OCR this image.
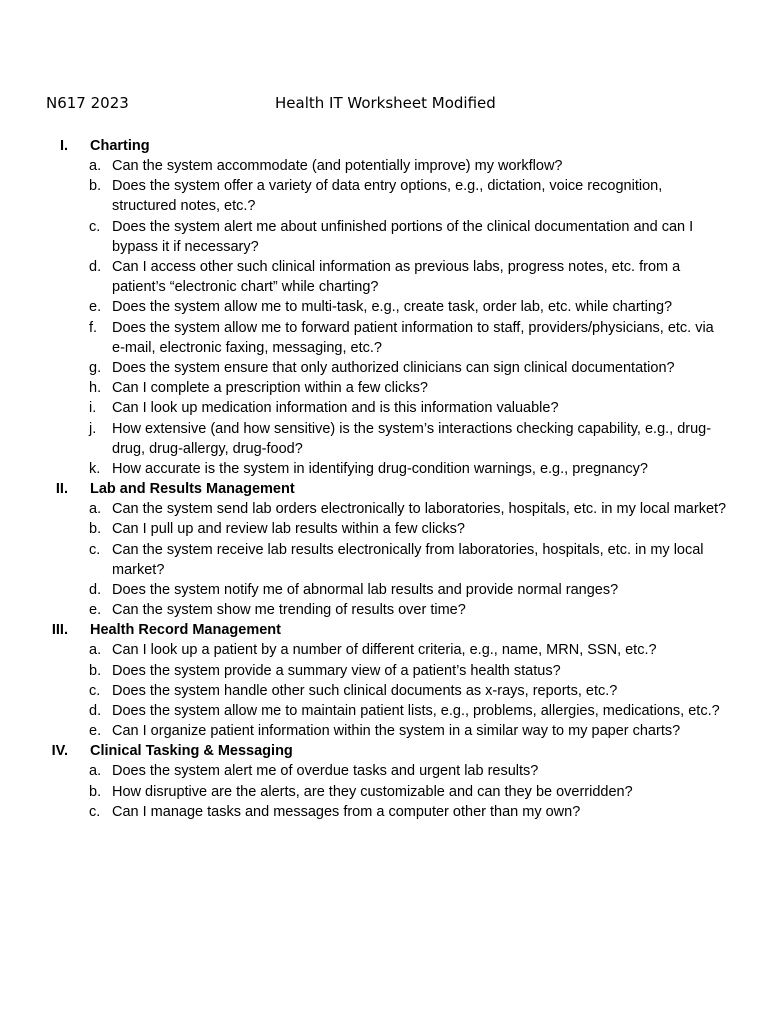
N617 2023	Health IT Worksheet Modified
I. Charting
a. Can the system accommodate (and potentially improve) my workflow?
b. Does the system offer a variety of data entry options, e.g., dictation, voice recognition, structured notes, etc.?
c. Does the system alert me about unfinished portions of the clinical documentation and can I bypass it if necessary?
d. Can I access other such clinical information as previous labs, progress notes, etc. from a patient’s “electronic chart” while charting?
e. Does the system allow me to multi-task, e.g., create task, order lab, etc. while charting?
f. Does the system allow me to forward patient information to staff, providers/physicians, etc. via e-mail, electronic faxing, messaging, etc.?
g. Does the system ensure that only authorized clinicians can sign clinical documentation?
h. Can I complete a prescription within a few clicks?
i. Can I look up medication information and is this information valuable?
j. How extensive (and how sensitive) is the system’s interactions checking capability, e.g., drug-drug, drug-allergy, drug-food?
k. How accurate is the system in identifying drug-condition warnings, e.g., pregnancy?
II. Lab and Results Management
a. Can the system send lab orders electronically to laboratories, hospitals, etc. in my local market?
b. Can I pull up and review lab results within a few clicks?
c. Can the system receive lab results electronically from laboratories, hospitals, etc. in my local market?
d. Does the system notify me of abnormal lab results and provide normal ranges?
e. Can the system show me trending of results over time?
III. Health Record Management
a. Can I look up a patient by a number of different criteria, e.g., name, MRN, SSN, etc.?
b. Does the system provide a summary view of a patient’s health status?
c. Does the system handle other such clinical documents as x-rays, reports, etc.?
d. Does the system allow me to maintain patient lists, e.g., problems, allergies, medications, etc.?
e. Can I organize patient information within the system in a similar way to my paper charts?
IV. Clinical Tasking & Messaging
a. Does the system alert me of overdue tasks and urgent lab results?
b. How disruptive are the alerts, are they customizable and can they be overridden?
c. Can I manage tasks and messages from a computer other than my own?
